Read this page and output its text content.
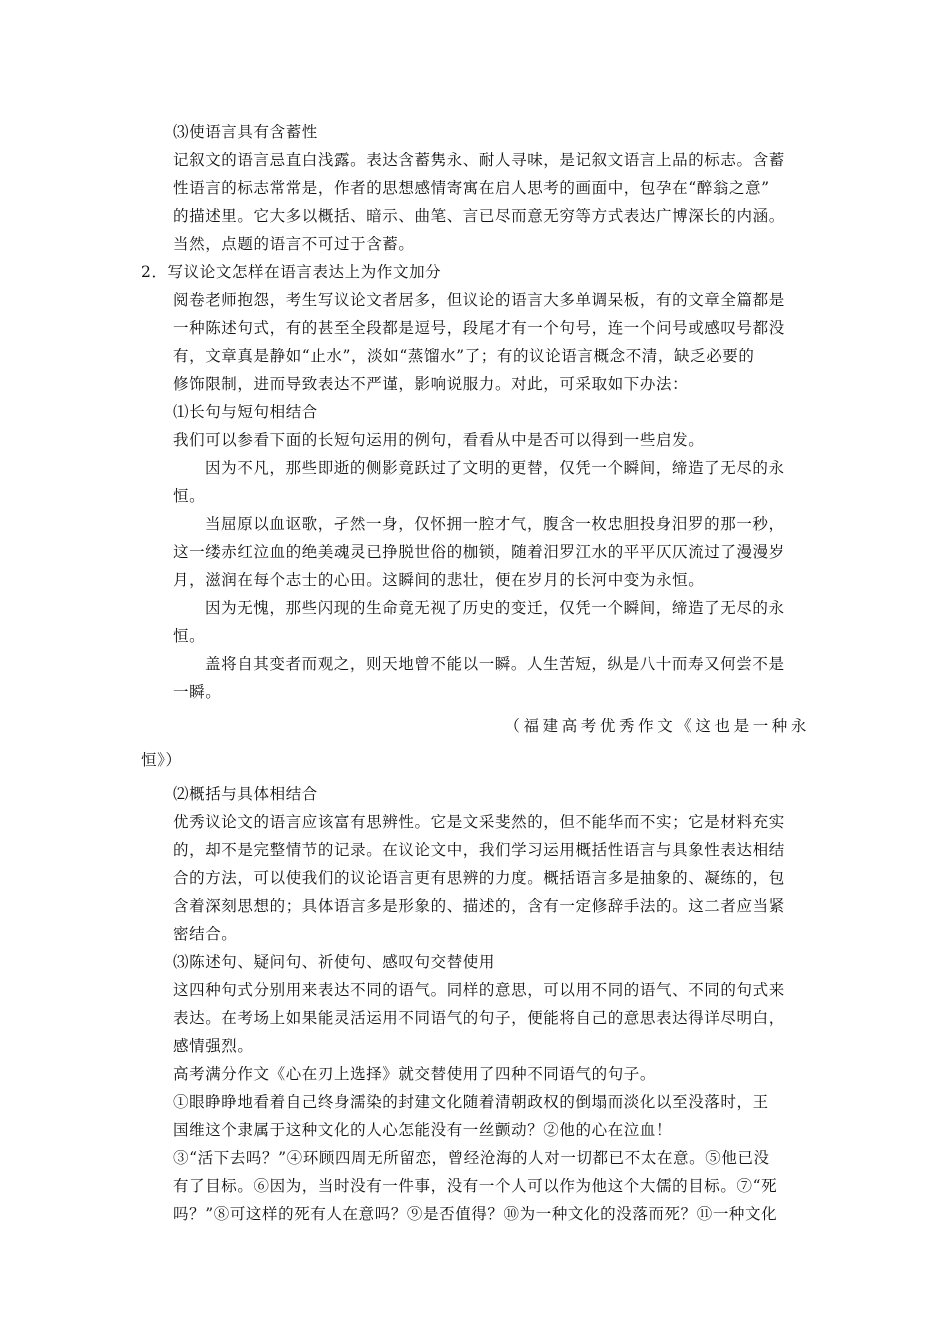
⑶使语言具有含蓄性
记叙文的语言忌直白浅露。表达含蓄隽永、耐人寻味，是记叙文语言上品的标志。含蓄
性语言的标志常常是，作者的思想感情寄寓在启人思考的画面中，包孕在“醉翁之意”
的描述里。它大多以概括、暗示、曲笔、言已尽而意无穷等方式表达广博深长的内涵。
当然，点题的语言不可过于含蓄。
2．写议论文怎样在语言表达上为作文加分
阅卷老师抱怨，考生写议论文者居多，但议论的语言大多单调呆板，有的文章全篇都是
一种陈述句式，有的甚至全段都是逗号，段尾才有一个句号，连一个问号或感叹号都没
有，文章真是静如“止水”，淡如“蒸馏水”了；有的议论语言概念不清，缺乏必要的
修饰限制，进而导致表达不严谨，影响说服力。对此，可采取如下办法：
⑴长句与短句相结合
我们可以参看下面的长短句运用的例句，看看从中是否可以得到一些启发。
因为不凡，那些即逝的侧影竟跃过了文明的更替，仅凭一个瞬间，缔造了无尽的永
恒。
当屈原以血讴歌，孑然一身，仅怀拥一腔才气，腹含一枚忠胆投身汨罗的那一秒，
这一缕赤红泣血的绝美魂灵已挣脱世俗的枷锁，随着汨罗江水的平平仄仄流过了漫漫岁
月，滋润在每个志士的心田。这瞬间的悲壮，便在岁月的长河中变为永恒。
因为无愧，那些闪现的生命竟无视了历史的变迁，仅凭一个瞬间，缔造了无尽的永
恒。
盖将自其变者而观之，则天地曾不能以一瞬。人生苦短，纵是八十而寿又何尝不是
一瞬。
（福建高考优秀作文《这也是一种永
恒》）
⑵概括与具体相结合
优秀议论文的语言应该富有思辨性。它是文采斐然的，但不能华而不实；它是材料充实
的，却不是完整情节的记录。在议论文中，我们学习运用概括性语言与具象性表达相结
合的方法，可以使我们的议论语言更有思辨的力度。概括语言多是抽象的、凝练的，包
含着深刻思想的；具体语言多是形象的、描述的，含有一定修辞手法的。这二者应当紧
密结合。
⑶陈述句、疑问句、祈使句、感叹句交替使用
这四种句式分别用来表达不同的语气。同样的意思，可以用不同的语气、不同的句式来
表达。在考场上如果能灵活运用不同语气的句子，便能将自己的意思表达得详尽明白，
感情强烈。
高考满分作文《心在刃上选择》就交替使用了四种不同语气的句子。
①眼睁睁地看着自己终身濡染的封建文化随着清朝政权的倒塌而淡化以至没落时，王
国维这个隶属于这种文化的人心怎能没有一丝颤动？②他的心在泣血！
③“活下去吗？”④环顾四周无所留恋，曾经沧海的人对一切都已不太在意。⑤他已没
有了目标。⑥因为，当时没有一件事，没有一个人可以作为他这个大儒的目标。⑦“死
吗？”⑧可这样的死有人在意吗？⑨是否值得？⑩为一种文化的没落而死？⑪一种文化
